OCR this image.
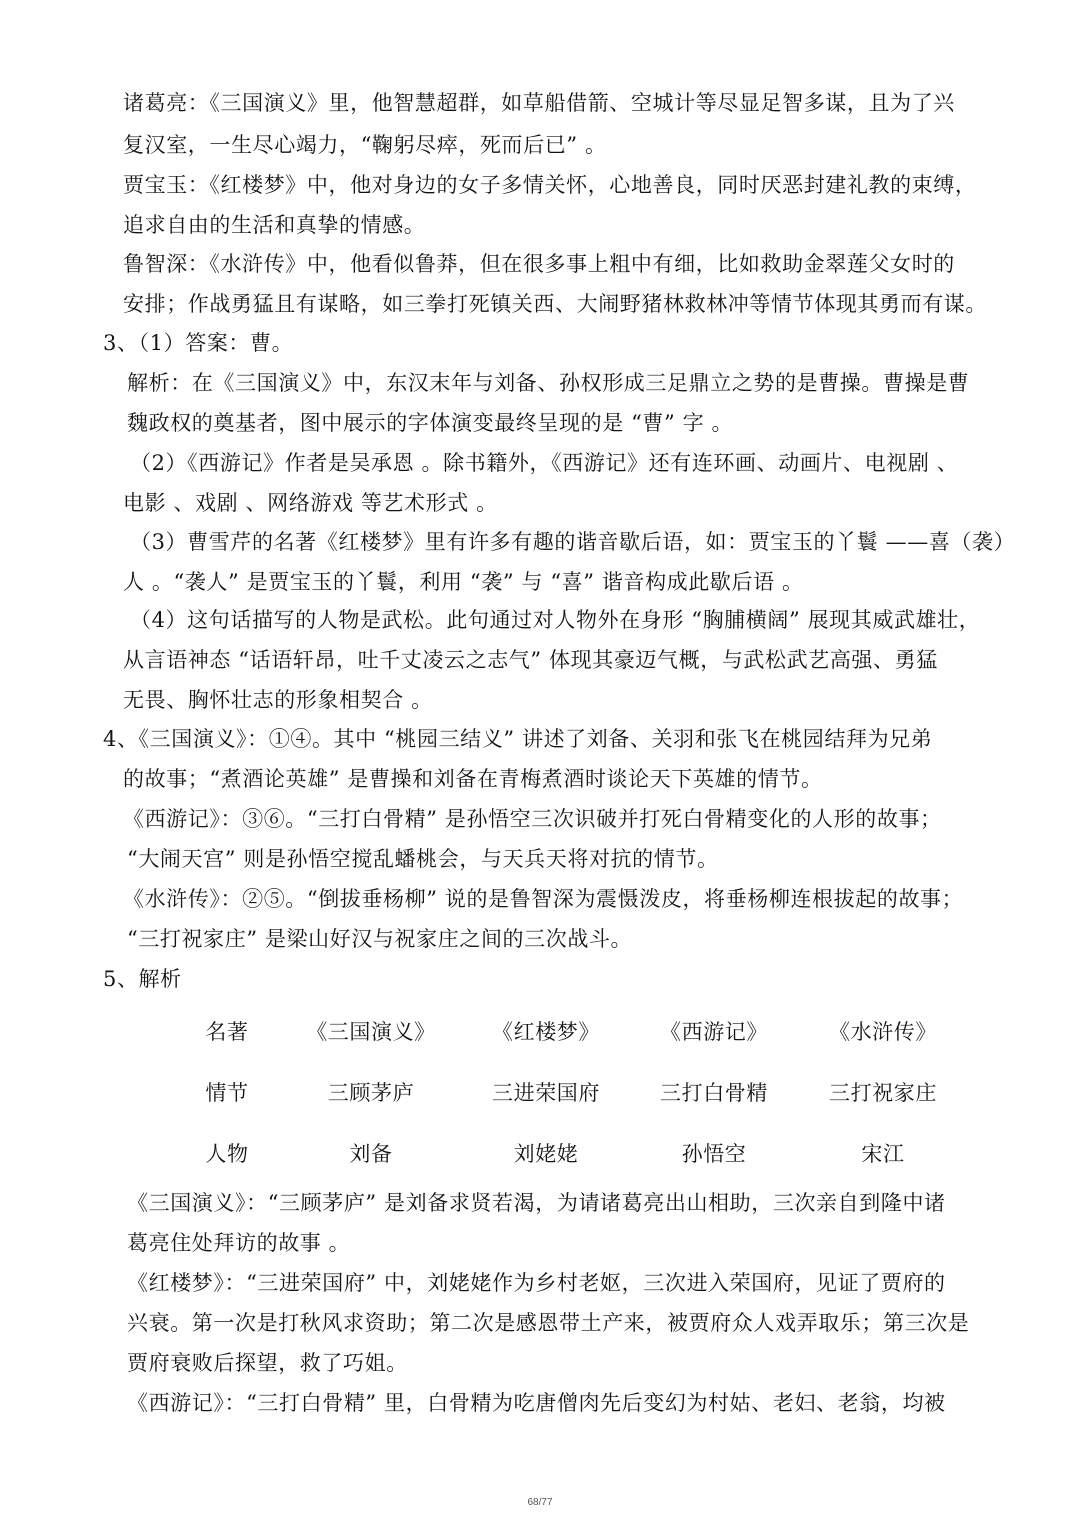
诸葛亮：《三国演义》里，他智慧超群，如草船借箭、空城计等尽显足智多谋，且为了兴
复汉室，一生尽心竭力，“鞠躬尽瘁，死而后已” 。
贾宝玉：《红楼梦》中，他对身边的女子多情关怀，心地善良，同时厌恶封建礼教的束缚，
追求自由的生活和真挚的情感。
鲁智深：《水浒传》中，他看似鲁莽，但在很多事上粗中有细，比如救助金翠莲父女时的
安排；作战勇猛且有谋略，如三拳打死镇关西、大闹野猪林救林冲等情节体现其勇而有谋。
3、（1）答案：曹。
解析：在《三国演义》中，东汉末年与刘备、孙权形成三足鼎立之势的是曹操。曹操是曹
魏政权的奠基者，图中展示的字体演变最终呈现的是 “曹” 字 。
（2）《西游记》作者是吴承恩 。除书籍外，《西游记》还有连环画、动画片、电视剧 、
电影 、戏剧 、网络游戏 等艺术形式 。
（3）曹雪芹的名著《红楼梦》里有许多有趣的谐音歇后语，如：贾宝玉的丫鬟 ——喜（袭）
人 。“袭人” 是贾宝玉的丫鬟，利用 “袭” 与 “喜” 谐音构成此歇后语 。
（4）这句话描写的人物是武松。此句通过对人物外在身形 “胸脯横阔” 展现其威武雄壮，
从言语神态 “话语轩昂，吐千丈凌云之志气” 体现其豪迈气概，与武松武艺高强、勇猛
无畏、胸怀壮志的形象相契合 。
4、《三国演义》：①④。其中 “桃园三结义” 讲述了刘备、关羽和张飞在桃园结拜为兄弟
的故事；“煮酒论英雄” 是曹操和刘备在青梅煮酒时谈论天下英雄的情节。
《西游记》：③⑥。“三打白骨精” 是孙悟空三次识破并打死白骨精变化的人形的故事；
“大闹天宫” 则是孙悟空搅乱蟠桃会，与天兵天将对抗的情节。
《水浒传》：②⑤。“倒拔垂杨柳” 说的是鲁智深为震慑泼皮，将垂杨柳连根拔起的故事；
“三打祝家庄” 是梁山好汉与祝家庄之间的三次战斗。
5、解析
《三国演义》：“三顾茅庐” 是刘备求贤若渴，为请诸葛亮出山相助，三次亲自到隆中诸
葛亮住处拜访的故事 。
《红楼梦》：“三进荣国府” 中，刘姥姥作为乡村老妪，三次进入荣国府，见证了贾府的
兴衰。第一次是打秋风求资助；第二次是感恩带土产来，被贾府众人戏弄取乐；第三次是
贾府衰败后探望，救了巧姐。
《西游记》：“三打白骨精” 里，白骨精为吃唐僧肉先后变幻为村姑、老妇、老翁，均被
名著	《三国演义》	《红楼梦》	《西游记》	《水浒传》
情节	三顾茅庐	三进荣国府	三打白骨精	三打祝家庄
人物	刘备	刘姥姥	孙悟空	宋江
68/77
